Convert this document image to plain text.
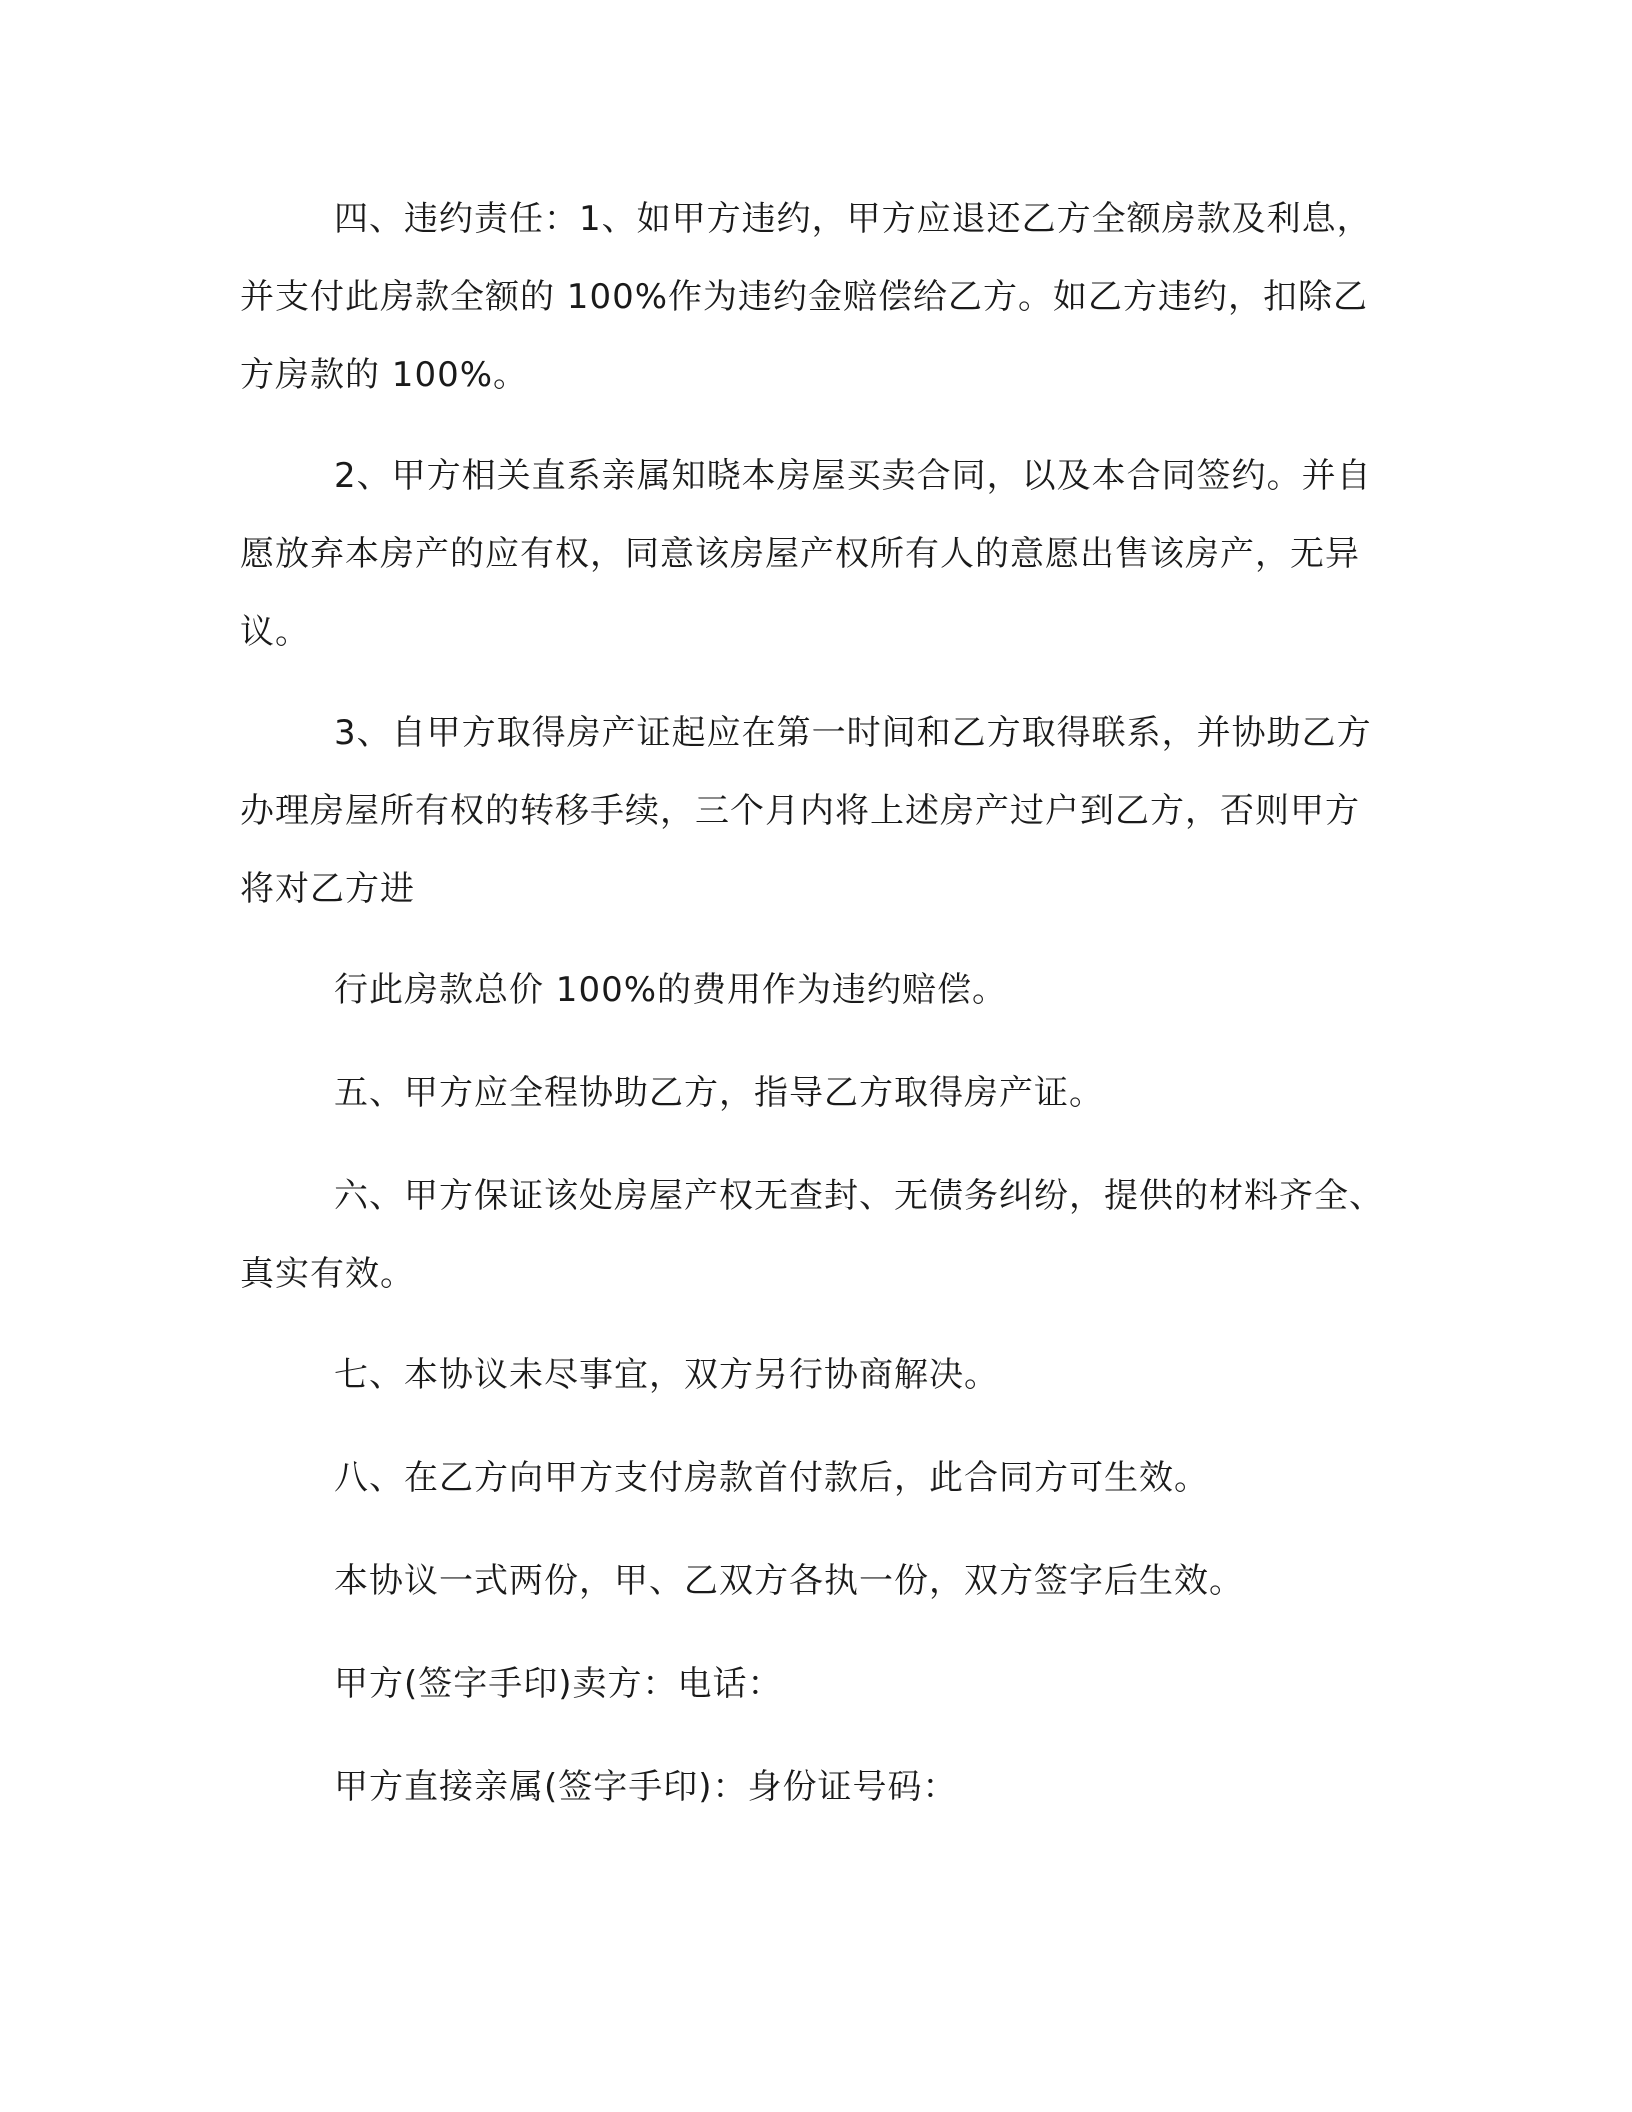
四、违约责任：1、如甲方违约，甲方应退还乙方全额房款及利息，并支付此房款全额的 100%作为违约金赔偿给乙方。如乙方违约，扣除乙方房款的 100%。

2、甲方相关直系亲属知晓本房屋买卖合同，以及本合同签约。并自愿放弃本房产的应有权，同意该房屋产权所有人的意愿出售该房产，无异议。

3、自甲方取得房产证起应在第一时间和乙方取得联系，并协助乙方办理房屋所有权的转移手续，三个月内将上述房产过户到乙方，否则甲方将对乙方进

行此房款总价 100%的费用作为违约赔偿。

五、甲方应全程协助乙方，指导乙方取得房产证。

六、甲方保证该处房屋产权无查封、无债务纠纷，提供的材料齐全、真实有效。

七、本协议未尽事宜，双方另行协商解决。

八、在乙方向甲方支付房款首付款后，此合同方可生效。

本协议一式两份，甲、乙双方各执一份，双方签字后生效。

甲方(签字手印)卖方：电话：

甲方直接亲属(签字手印)：身份证号码：
